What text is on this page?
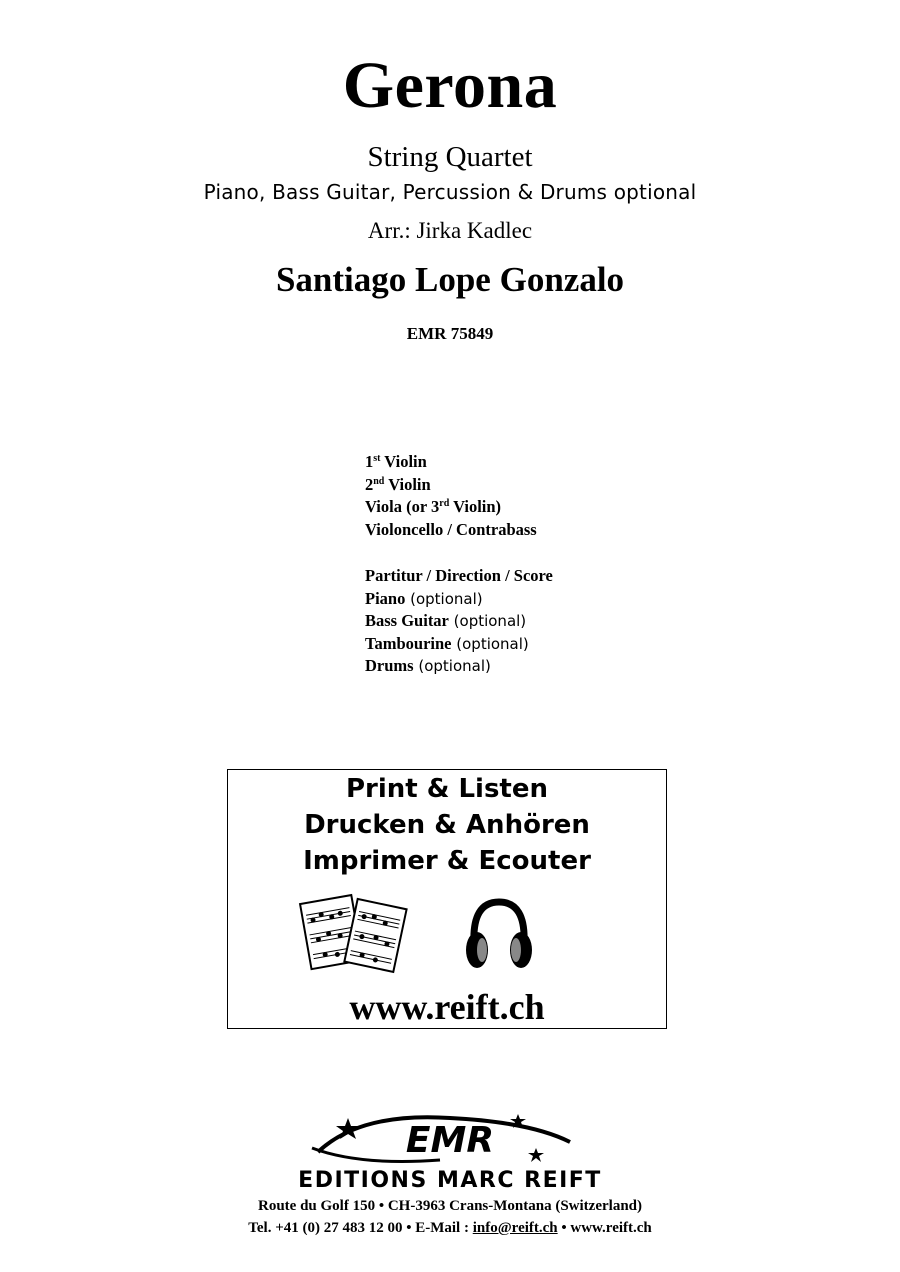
Gerona
String Quartet
Piano, Bass Guitar, Percussion & Drums optional
Arr.: Jirka Kadlec
Santiago Lope Gonzalo
EMR 75849
1st Violin
2nd Violin
Viola (or 3rd Violin)
Violoncello / Contrabass
Partitur / Direction / Score
Piano (optional)
Bass Guitar (optional)
Tambourine (optional)
Drums (optional)
Print & Listen
Drucken & Anhören
Imprimer & Ecouter
www.reift.ch
EMR
EDITIONS MARC REIFT
Route du Golf 150 • CH-3963 Crans-Montana (Switzerland)
Tel. +41 (0) 27 483 12 00 • E-Mail : info@reift.ch • www.reift.ch
